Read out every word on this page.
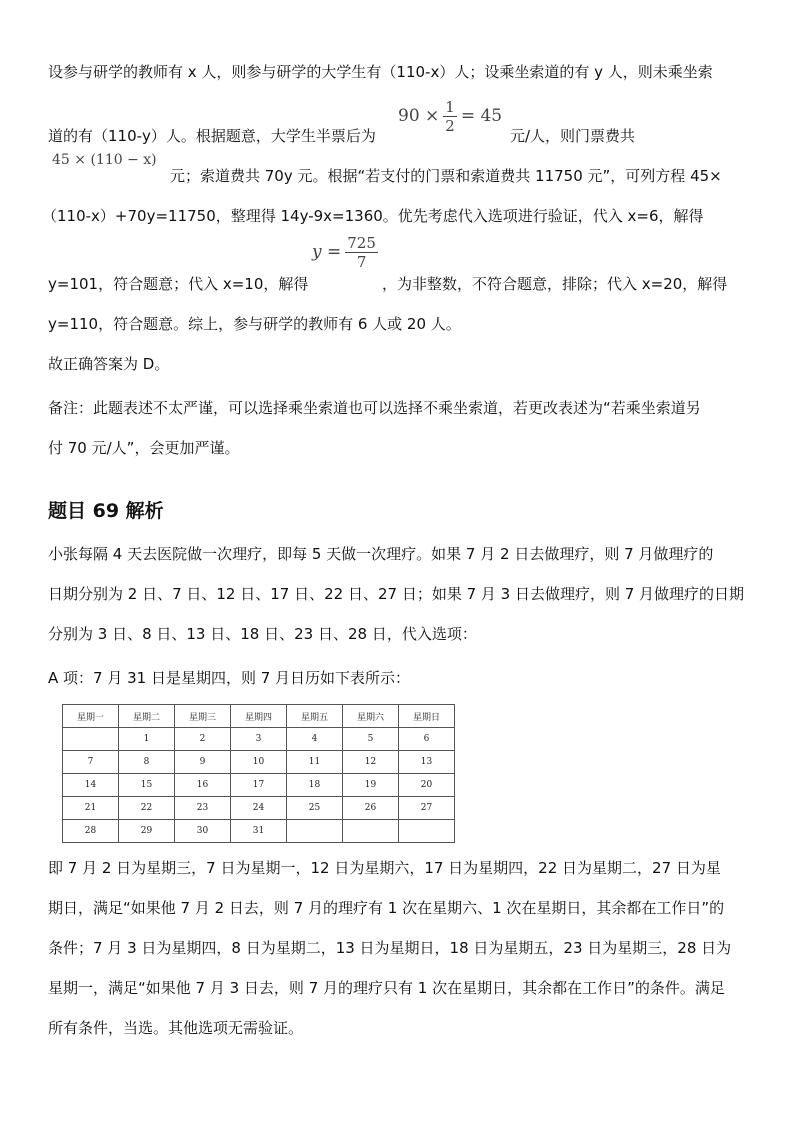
设参与研学的教师有 x 人，则参与研学的大学生有（110-x）人；设乘坐索道的有 y 人，则未乘坐索
$90 \times \frac{1}{2} = 45$
道的有（110-y）人。根据题意，大学生半票后为	元/人，则门票费共
45 × (110 − x)
元；索道费共 70y 元。根据“若支付的门票和索道费共 11750 元”，可列方程 45×
（110-x）+70y=11750，整理得 14y-9x=1360。优先考虑代入选项进行验证，代入 x=6，解得
$y = \frac{725}{7}$
y=101，符合题意；代入 x=10，解得	，为非整数，不符合题意，排除；代入 x=20，解得
y=110，符合题意。综上，参与研学的教师有 6 人或 20 人。
故正确答案为 D。
备注：此题表述不太严谨，可以选择乘坐索道也可以选择不乘坐索道，若更改表述为“若乘坐索道另
付 70 元/人”，会更加严谨。
题目 69 解析
小张每隔 4 天去医院做一次理疗，即每 5 天做一次理疗。如果 7 月 2 日去做理疗，则 7 月做理疗的
日期分别为 2 日、7 日、12 日、17 日、22 日、27 日；如果 7 月 3 日去做理疗，则 7 月做理疗的日期
分别为 3 日、8 日、13 日、18 日、23 日、28 日，代入选项：
A 项：7 月 31 日是星期四，则 7 月日历如下表所示：
星期一	星期二	星期三	星期四	星期五	星期六	星期日
	1	2	3	4	5	6
7	8	9	10	11	12	13
14	15	16	17	18	19	20
21	22	23	24	25	26	27
28	29	30	31			
即 7 月 2 日为星期三，7 日为星期一，12 日为星期六，17 日为星期四，22 日为星期二，27 日为星
期日，满足“如果他 7 月 2 日去，则 7 月的理疗有 1 次在星期六、1 次在星期日，其余都在工作日”的
条件；7 月 3 日为星期四，8 日为星期二，13 日为星期日，18 日为星期五，23 日为星期三，28 日为
星期一，满足“如果他 7 月 3 日去，则 7 月的理疗只有 1 次在星期日，其余都在工作日”的条件。满足
所有条件，当选。其他选项无需验证。
